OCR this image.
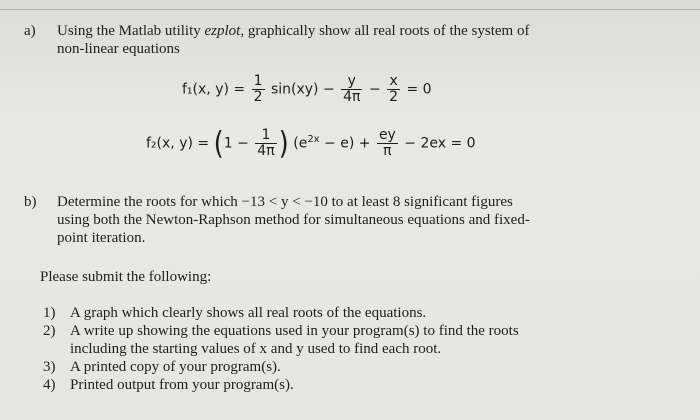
a) Using the Matlab utility ezplot, graphically show all real roots of the system of
non-linear equations
f₁(x, $y) = \frac{1}{2} \sin(xy) - \frac{y}{4\pi} - \frac{x}{2} = 0$
f₂(x, $y) = (1 - \frac{1}{4\pi}$ ) $(e^{2x} - e) + \frac{ey}{\pi} - 2ex = 0$
b) Determine the roots for which −13 < y < −10 to at least 8 significant figures
using both the Newton-Raphson method for simultaneous equations and fixed-
point iteration.
Please submit the following:
1) A graph which clearly shows all real roots of the equations.
2) A write up showing the equations used in your program(s) to find the roots
including the starting values of x and y used to find each root.
3) A printed copy of your program(s).
4) Printed output from your program(s).
